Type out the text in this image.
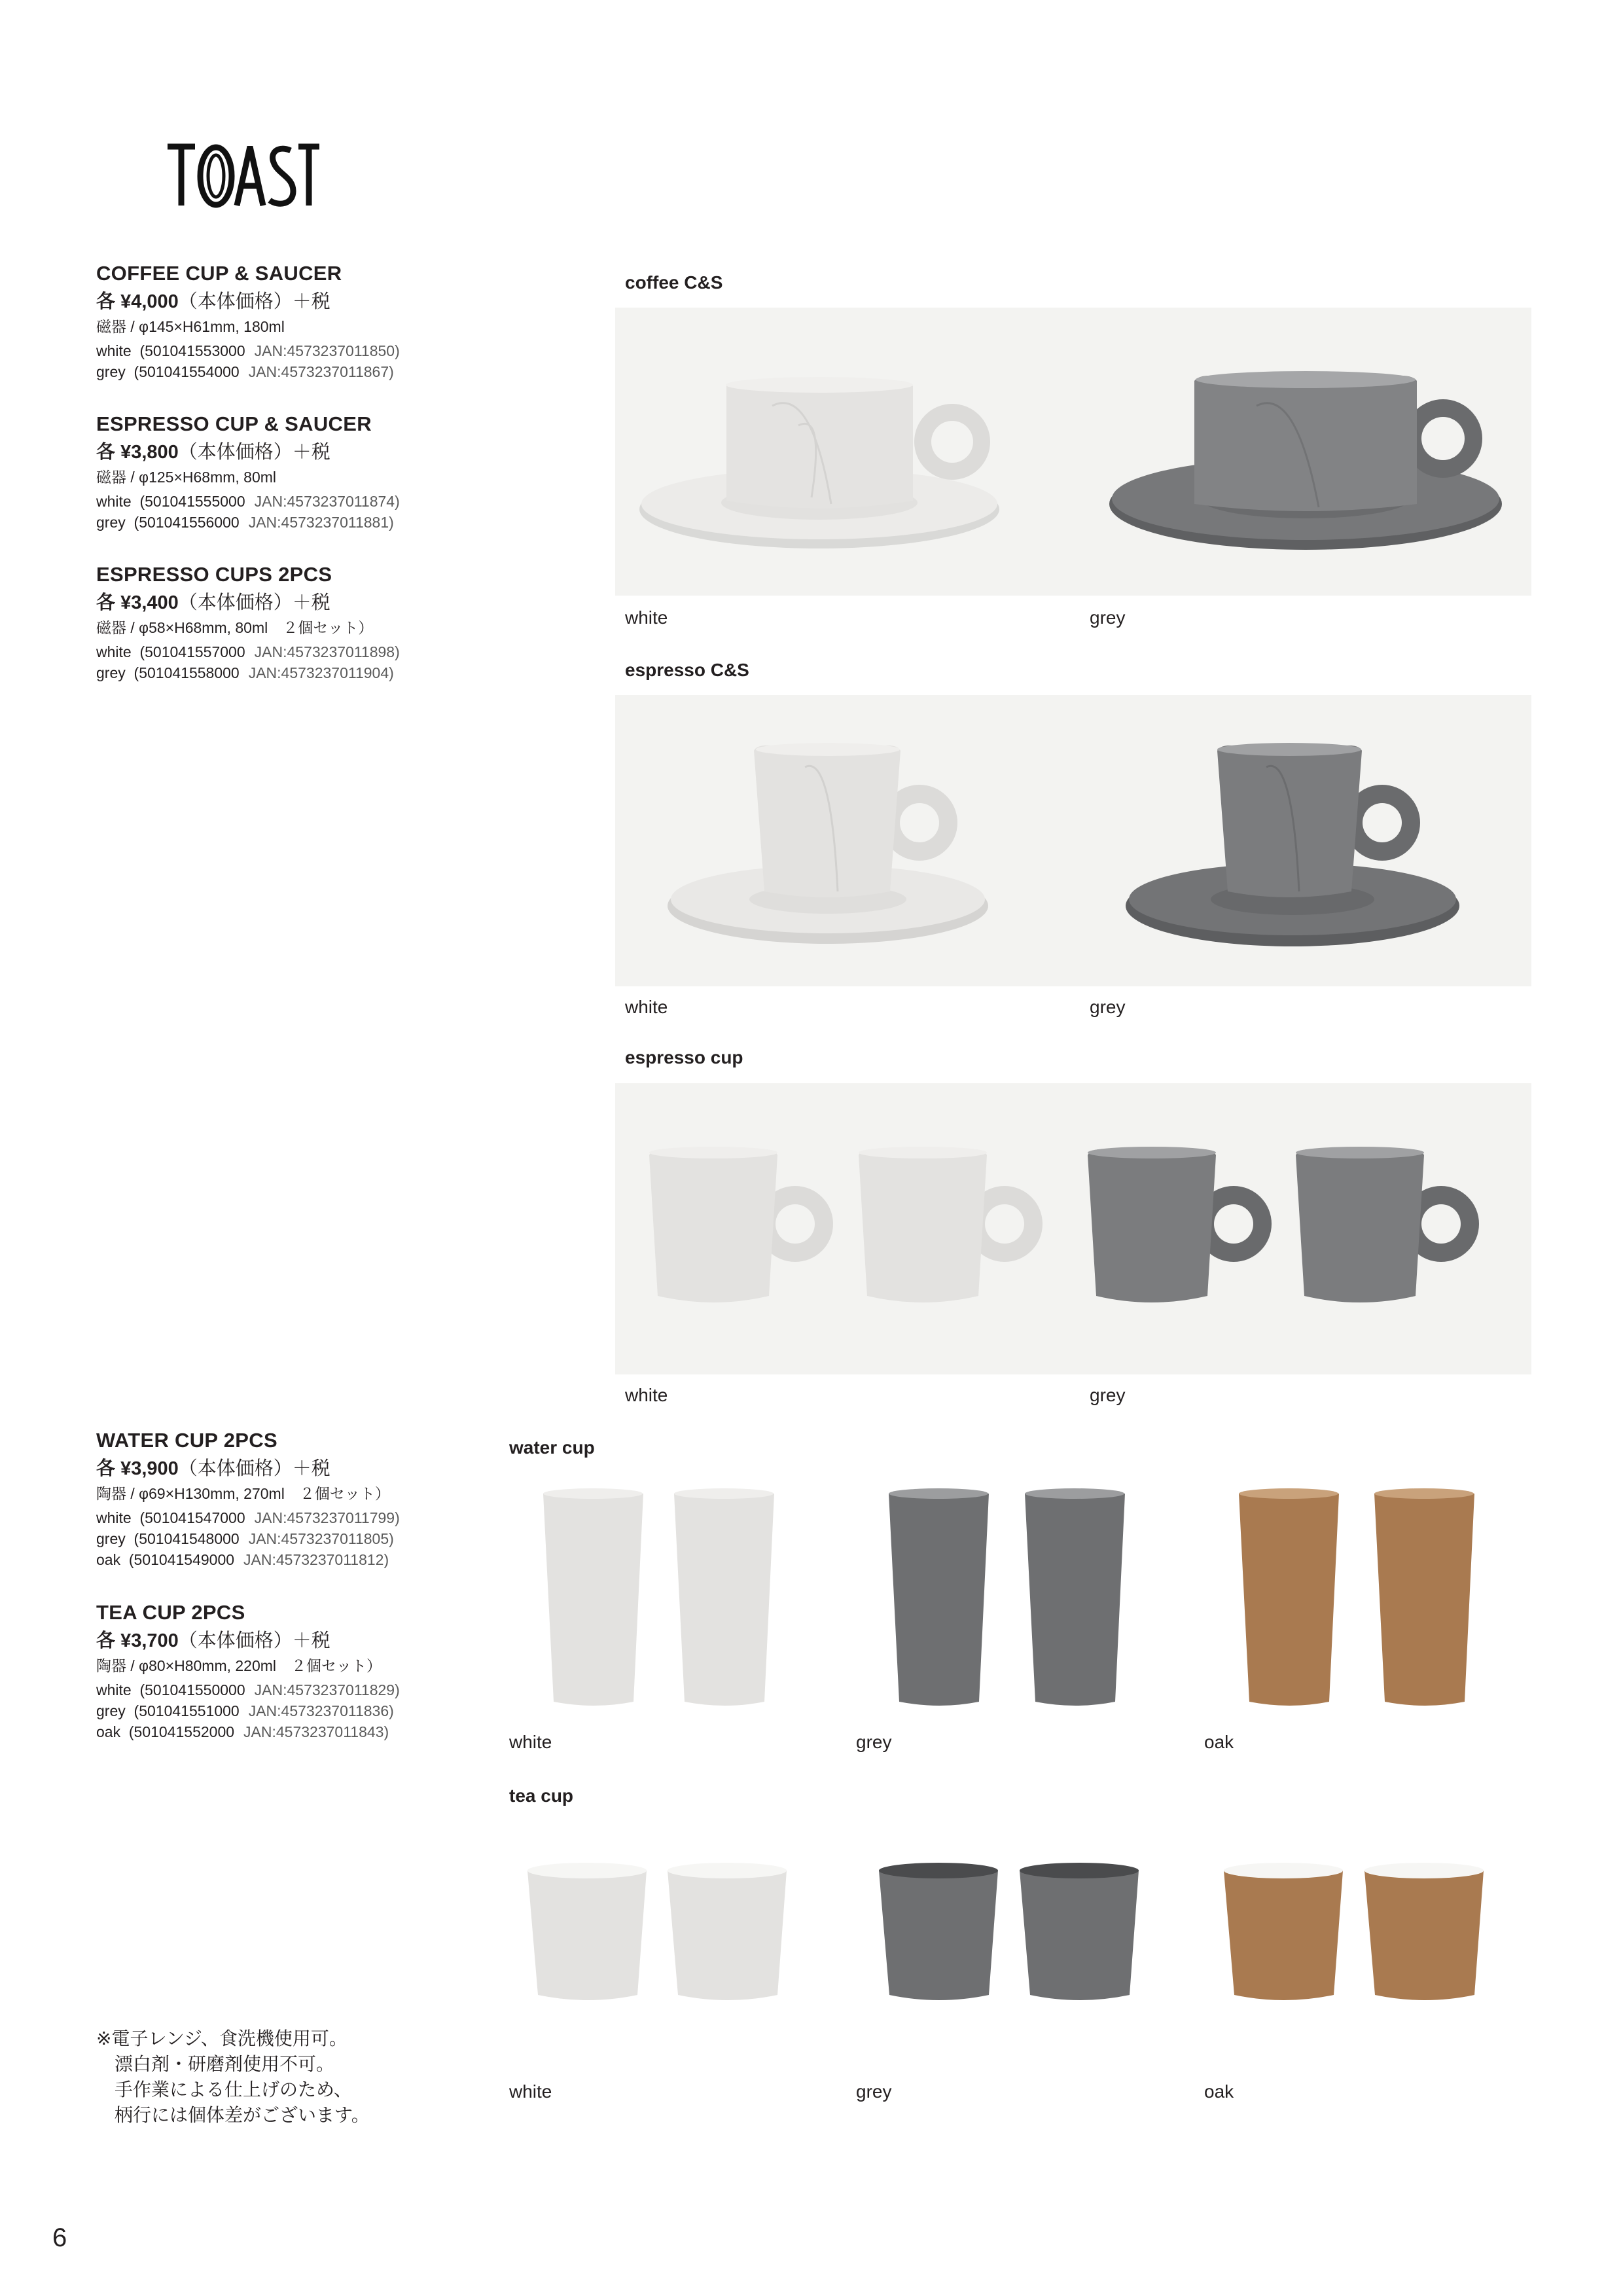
COFFEE CUP & SAUCER
各 ¥4,000（本体価格）＋税
磁器 / φ145×H61mm, 180ml
white (501041553000 JAN:4573237011850)
grey (501041554000 JAN:4573237011867)
ESPRESSO CUP & SAUCER
各 ¥3,800（本体価格）＋税
磁器 / φ125×H68mm, 80ml
white (501041555000 JAN:4573237011874)
grey (501041556000 JAN:4573237011881)
ESPRESSO CUPS 2PCS
各 ¥3,400（本体価格）＋税
磁器 / φ58×H68mm, 80ml　２個セット）
white (501041557000 JAN:4573237011898)
grey (501041558000 JAN:4573237011904)
WATER CUP 2PCS
各 ¥3,900（本体価格）＋税
陶器 / φ69×H130mm, 270ml　２個セット）
white (501041547000 JAN:4573237011799)
grey (501041548000 JAN:4573237011805)
oak (501041549000 JAN:4573237011812)
TEA CUP 2PCS
各 ¥3,700（本体価格）＋税
陶器 / φ80×H80mm, 220ml　２個セット）
white (501041550000 JAN:4573237011829)
grey (501041551000 JAN:4573237011836)
oak (501041552000 JAN:4573237011843)
coffee C&S
white	grey
espresso C&S
white	grey
espresso cup
white	grey
water cup
white	grey	oak
tea cup
white	grey	oak
※電子レンジ、食洗機使用可。
　漂白剤・研磨剤使用不可。
　手作業による仕上げのため、
　柄行には個体差がございます。
6
